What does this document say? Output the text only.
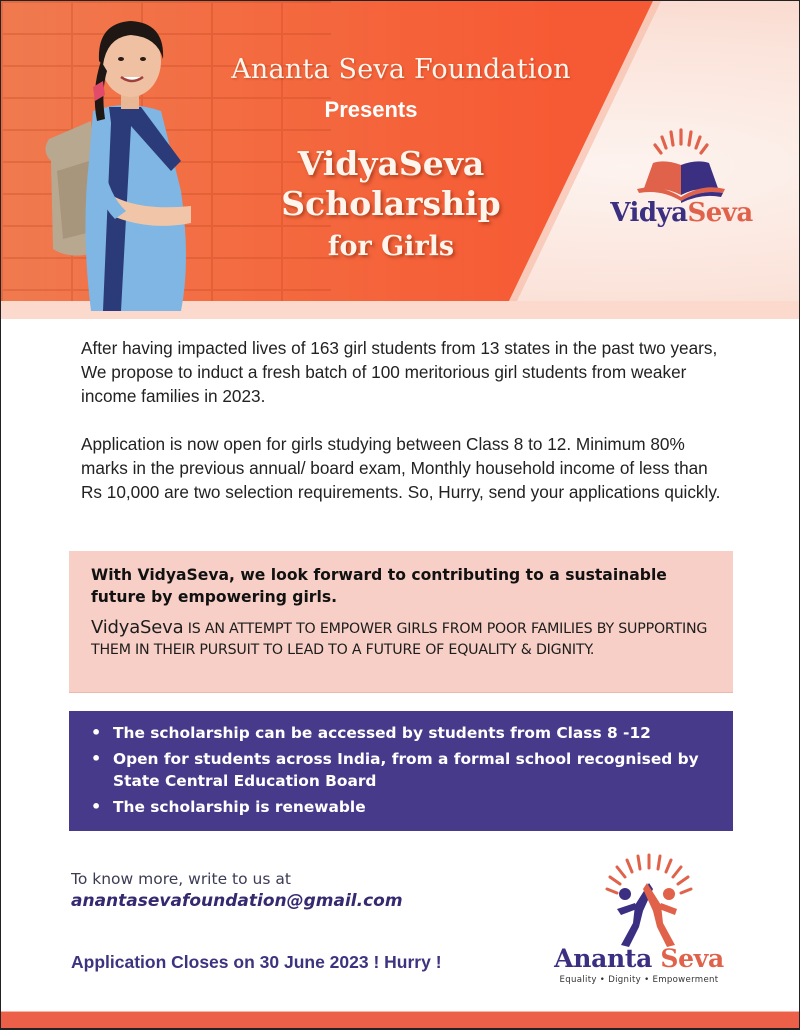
Ananta Seva Foundation
Presents
VidyaSeva
Scholarship
for Girls
VidyaSeva

After having impacted lives of 163 girl students from 13 states in the past two years, We propose to induct a fresh batch of 100 meritorious girl students from weaker income families in 2023.

Application is now open for girls studying between Class 8 to 12. Minimum 80% marks in the previous annual/ board exam, Monthly household income of less than Rs 10,000 are two selection requirements. So, Hurry, send your applications quickly.

With VidyaSeva, we look forward to contributing to a sustainable future by empowering girls.
VidyaSeva IS AN ATTEMPT TO EMPOWER GIRLS FROM POOR FAMILIES BY SUPPORTING THEM IN THEIR PURSUIT TO LEAD TO A FUTURE OF EQUALITY & DIGNITY.
• The scholarship can be accessed by students from Class 8 -12
• Open for students across India, from a formal school recognised by State Central Education Board
• The scholarship is renewable
To know more, write to us at
anantasevafoundation@gmail.com
Application Closes on 30 June 2023 ! Hurry !	Ananta Seva
Equality • Dignity • Empowerment
